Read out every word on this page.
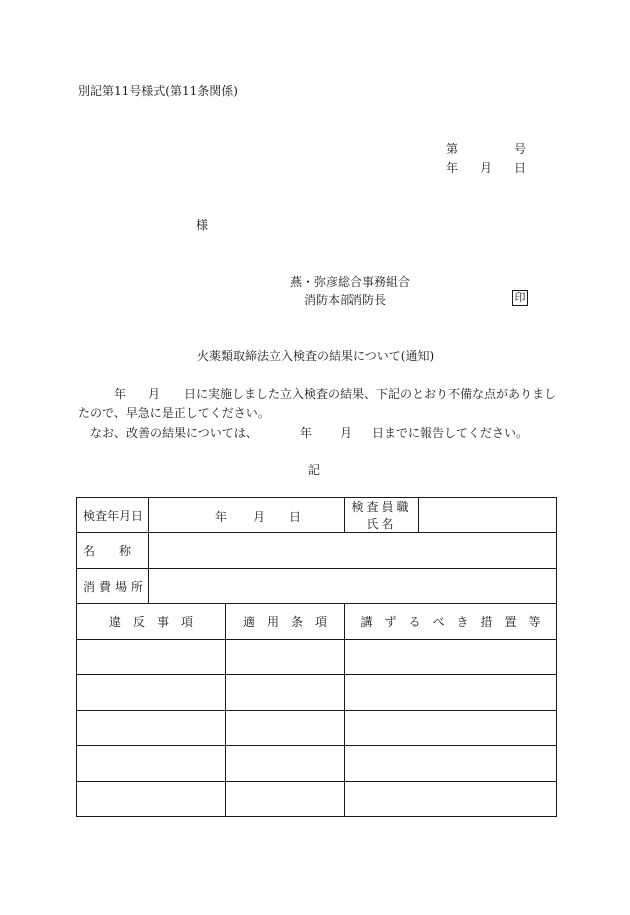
別記第11号様式(第11条関係)
第	号
年 月 日
様
燕・弥彦総合事務組合
消防本部
消防長	印
火薬類取締法立入検査の結果について(通知)
年 月 日に実施しました立入検査の結果、下記のとおり不備な点がありまし
たので、早急に是正してください。
なお、改善の結果については、	年 月 日までに報告してください。
記
検査年月日	年 月 日		検査員職氏名	
名　　称				
消費場所				
違　反　事　項		適　用　条　項	講　ず　る　べ　き　措　置　等	
